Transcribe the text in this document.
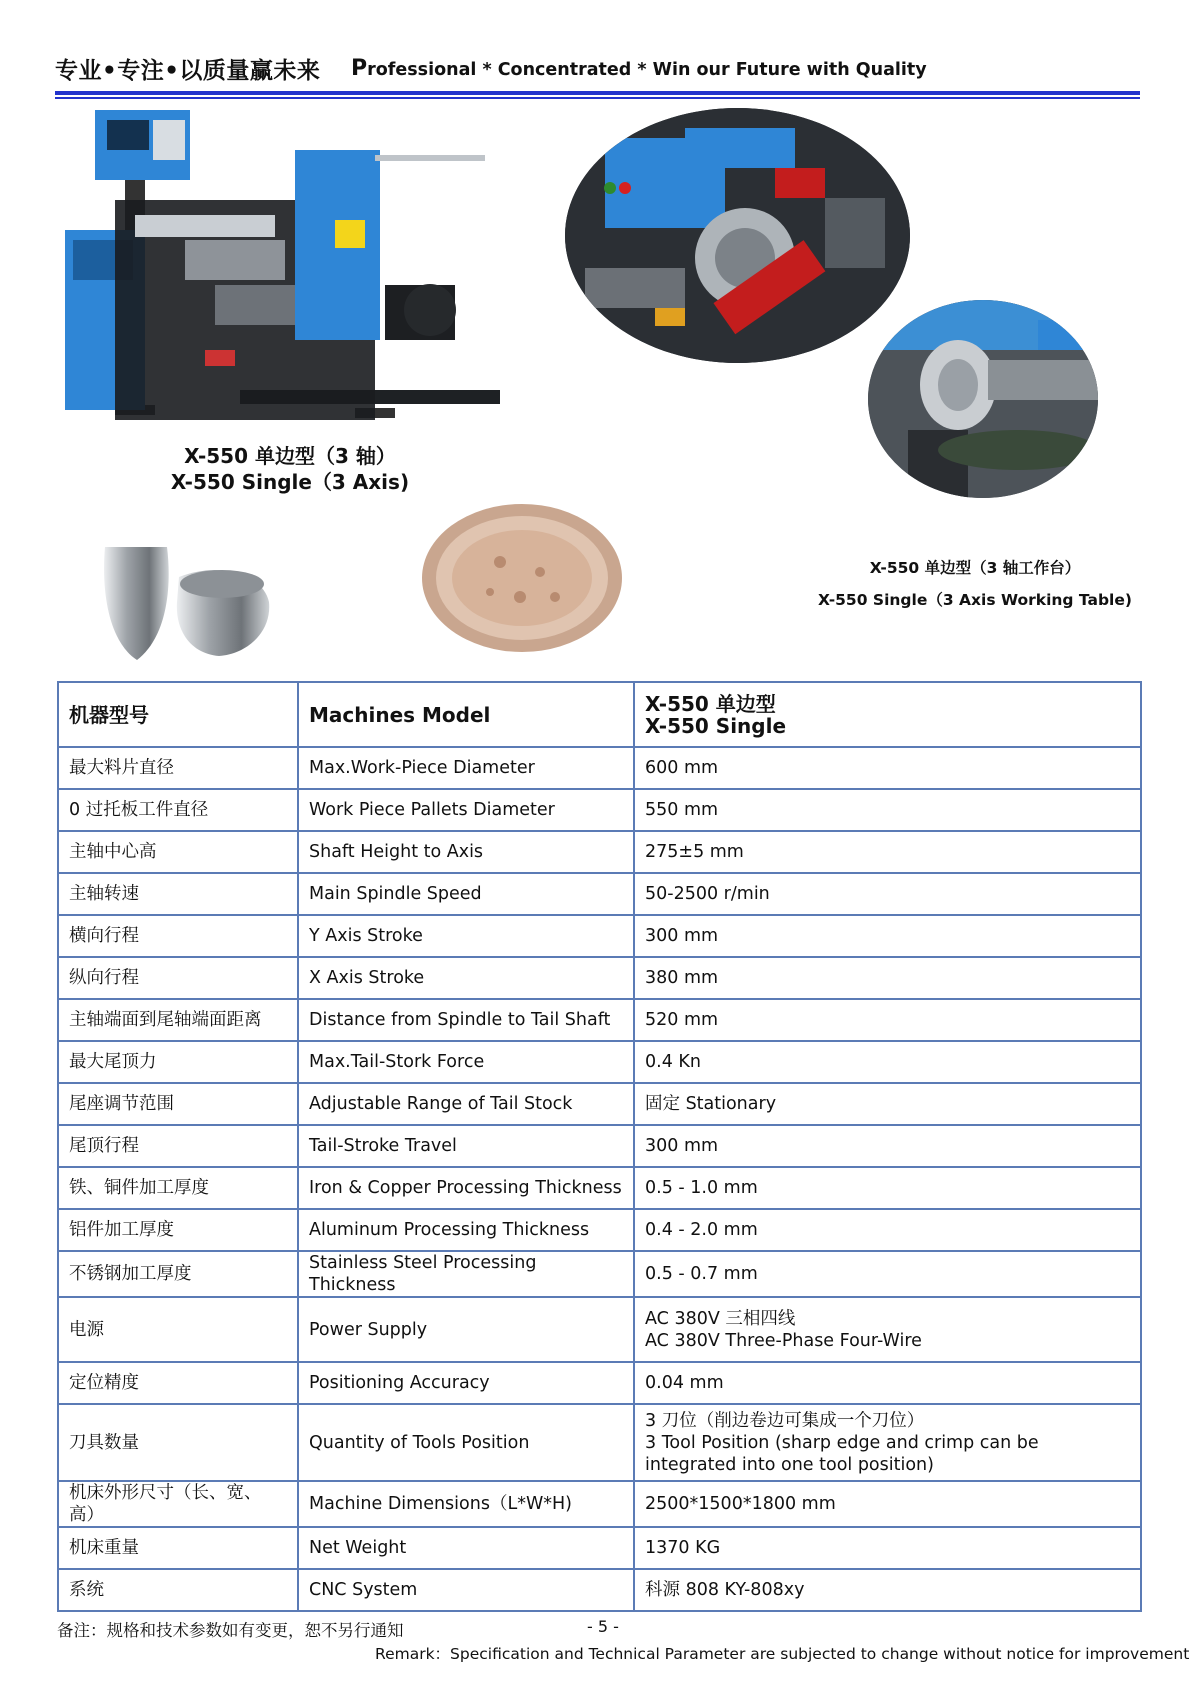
专业•专注•以质量赢未来 Professional * Concentrated * Win our Future with Quality
X-550 单边型（3 轴）
X-550 Single（3 Axis)
X-550 单边型（3 轴工作台）
X-550 Single（3 Axis Working Table)
机器型号	Machines Model	X-550 单边型
X-550 Single
最大料片直径	Max.Work-Piece Diameter	600 mm
0 过托板工件直径	Work Piece Pallets Diameter	550 mm
主轴中心高	Shaft Height to Axis	275±5 mm
主轴转速	Main Spindle Speed	50-2500 r/min
横向行程	Y Axis Stroke	300 mm
纵向行程	X Axis Stroke	380 mm
主轴端面到尾轴端面距离	Distance from Spindle to Tail Shaft	520 mm
最大尾顶力	Max.Tail-Stork Force	0.4 Kn
尾座调节范围	Adjustable Range of Tail Stock	固定 Stationary
尾顶行程	Tail-Stroke Travel	300 mm
铁、铜件加工厚度	Iron & Copper Processing Thickness	0.5 - 1.0 mm
铝件加工厚度	Aluminum Processing Thickness	0.4 - 2.0 mm
不锈钢加工厚度	Stainless Steel Processing Thickness	0.5 - 0.7 mm
电源	Power Supply	AC 380V 三相四线
AC 380V Three-Phase Four-Wire
定位精度	Positioning Accuracy	0.04 mm
刀具数量	Quantity of Tools Position	3 刀位（削边卷边可集成一个刀位）
3 Tool Position (sharp edge and crimp can be integrated into one tool position)
机床外形尺寸（长、宽、高）	Machine Dimensions（L*W*H)	2500*1500*1800 mm
机床重量	Net Weight	1370 KG
系统	CNC System	科源 808 KY-808xy
备注：规格和技术参数如有变更，恕不另行通知	- 5 -
Remark：Specification and Technical Parameter are subjected to change without notice for improvement
